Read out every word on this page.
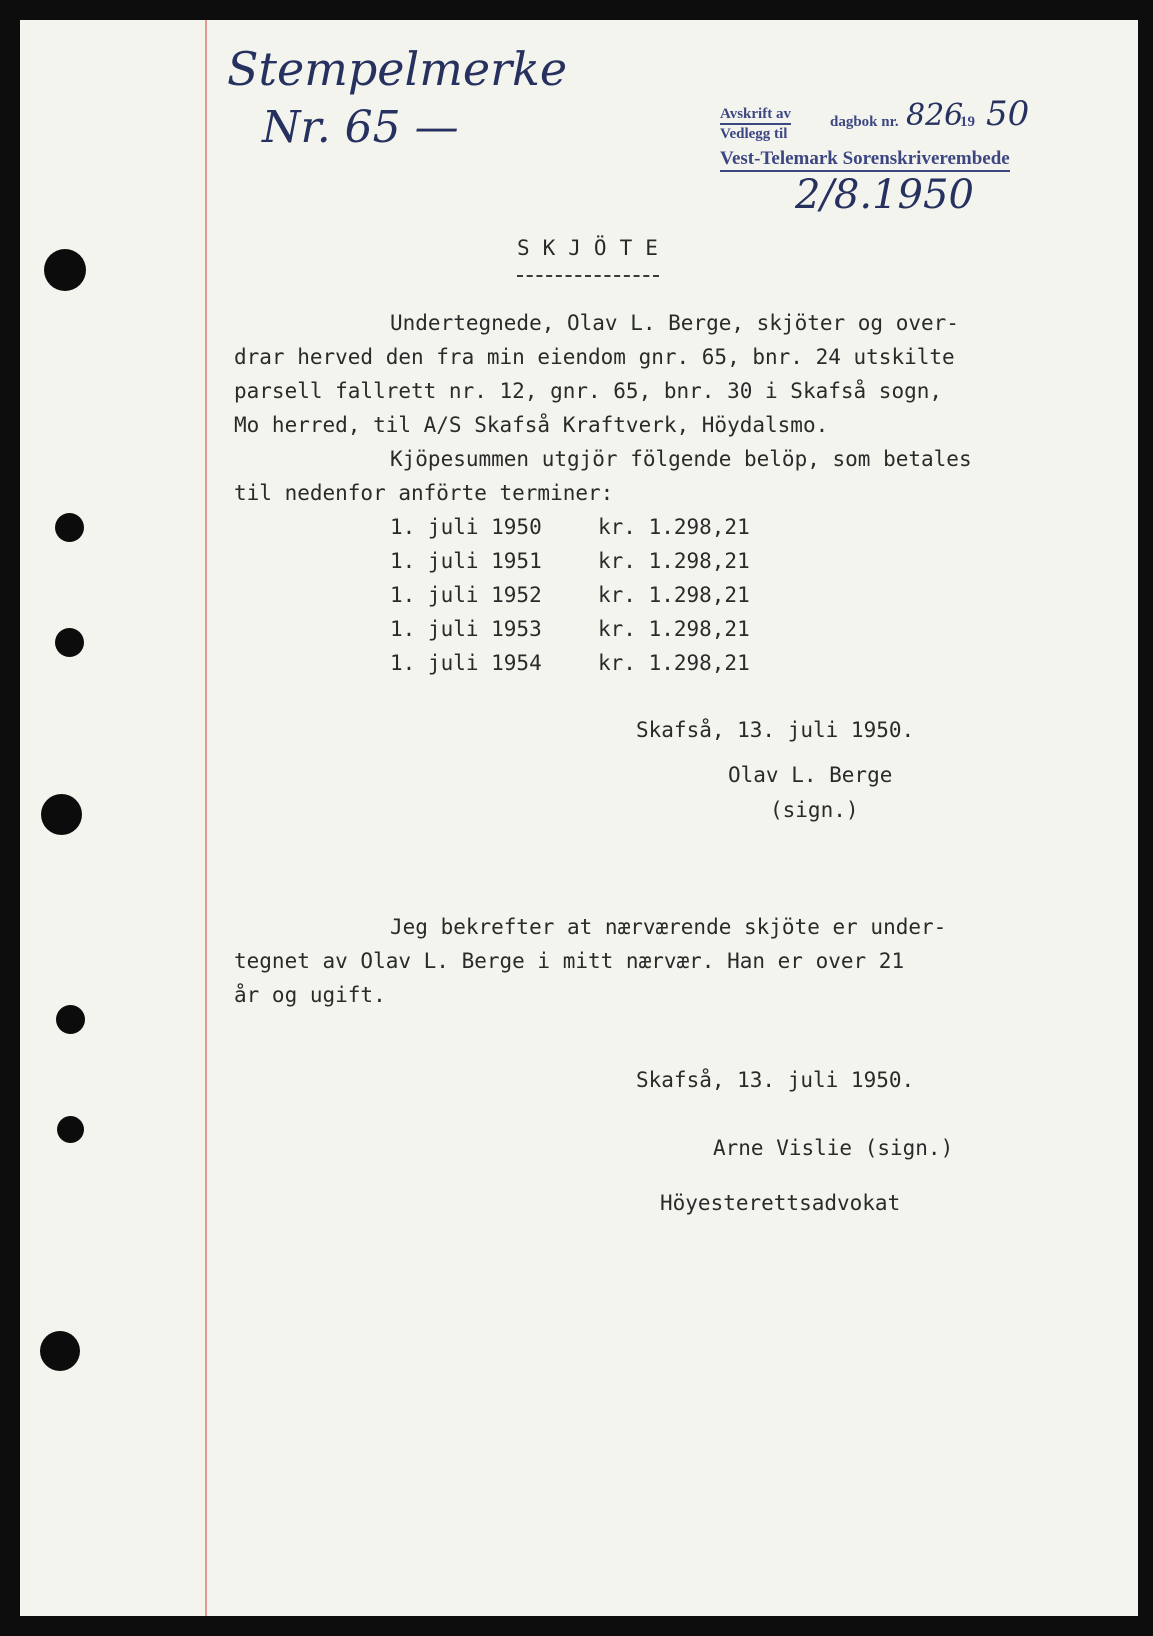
Stempelmerke
Nr. 65 —	Avskrift av	dagbok nr. 826
19 50
Vedlegg til
Vest-Telemark Sorenskriverembede
2/8.1950
SKJÖTE
Undertegnede, Olav L. Berge, skjöter og over-
drar herved den fra min eiendom gnr. 65, bnr. 24 utskilte
parsell fallrett nr. 12, gnr. 65, bnr. 30 i Skafså sogn,
Mo herred, til A/S Skafså Kraftverk, Höydalsmo.
Kjöpesummen utgjör fölgende belöp, som betales
til nedenfor anförte terminer:
1. juli 1950	kr. 1.298,21
1. juli 1951	kr. 1.298,21
1. juli 1952	kr. 1.298,21
1. juli 1953	kr. 1.298,21
1. juli 1954	kr. 1.298,21
Skafså, 13. juli 1950.
Olav L. Berge
(sign.)
Jeg bekrefter at nærværende skjöte er under-
tegnet av Olav L. Berge i mitt nærvær. Han er over 21
år og ugift.
Skafså, 13. juli 1950.
Arne Vislie (sign.)
Höyesterettsadvokat
